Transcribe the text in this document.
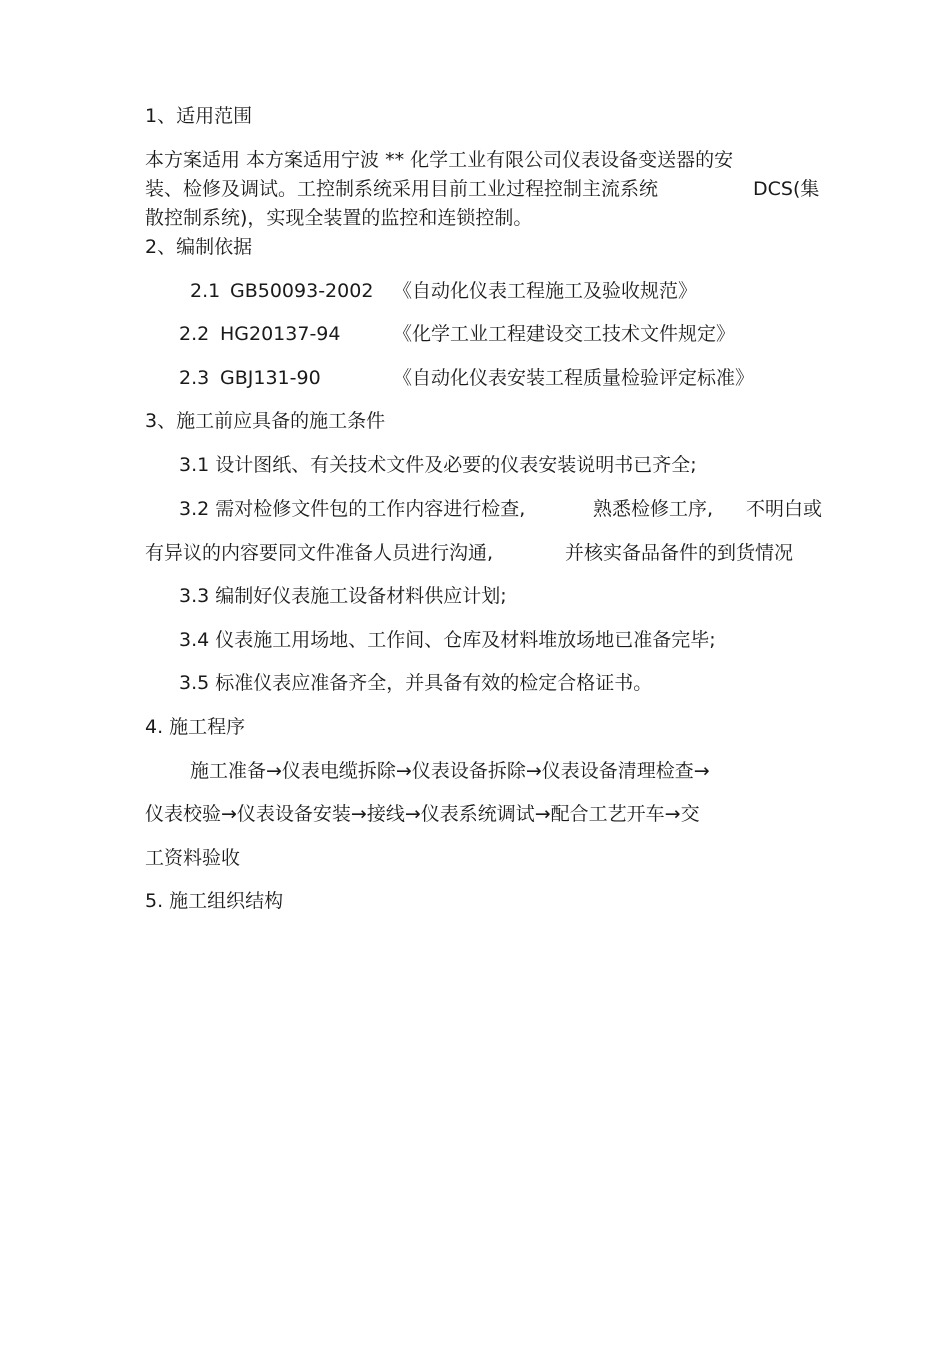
1、适用范围
本方案适用 本方案适用宁波 ** 化学工业有限公司仪表设备变送器的安
装、检修及调试。工控制系统采用目前工业过程控制主流系统	DCS(集
散控制系统)，实现全装置的监控和连锁控制。
2、编制依据
2.1 GB50093-2002 《自动化仪表工程施工及验收规范》
2.2 HG20137-94	《化学工业工程建设交工技术文件规定》
2.3 GBJ131-90	《自动化仪表安装工程质量检验评定标准》
3、施工前应具备的施工条件
3.1 设计图纸、有关技术文件及必要的仪表安装说明书已齐全;
3.2 需对检修文件包的工作内容进行检查,	熟悉检修工序, 不明白或
有异议的内容要同文件准备人员进行沟通,	并核实备品备件的到货情况
3.3 编制好仪表施工设备材料供应计划;
3.4 仪表施工用场地、工作间、仓库及材料堆放场地已准备完毕;
3.5 标准仪表应准备齐全，并具备有效的检定合格证书。
4. 施工程序
施工准备→仪表电缆拆除→仪表设备拆除→仪表设备清理检查→
仪表校验→仪表设备安装→接线→仪表系统调试→配合工艺开车→交
工资料验收
5. 施工组织结构
